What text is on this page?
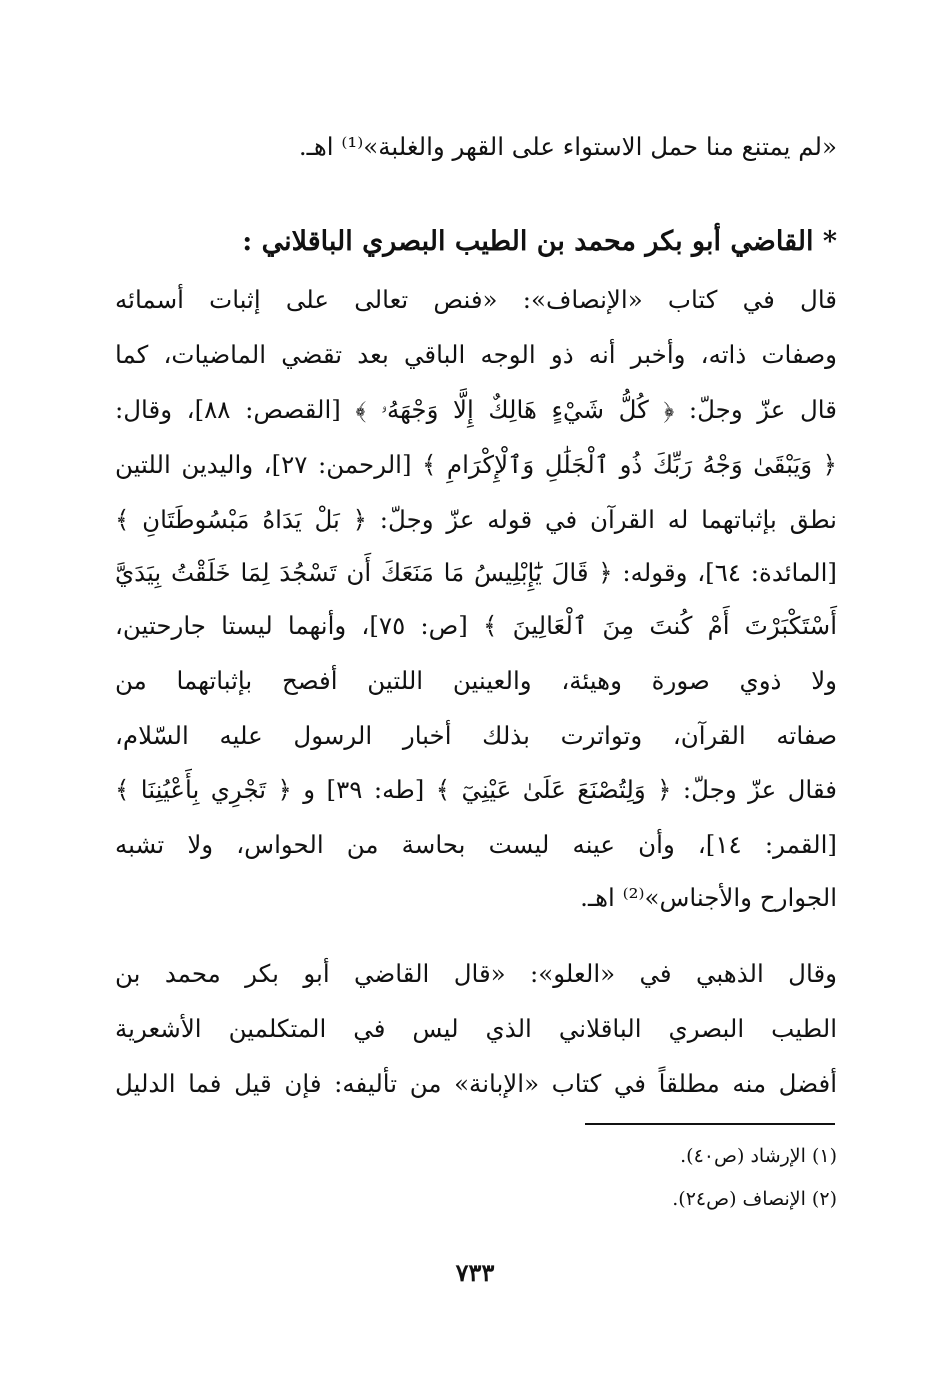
«لم يمتنع منا حمل الاستواء على القهر والغلبة»⁽¹⁾ اهـ.
* القاضي أبو بكر محمد بن الطيب البصري الباقلاني :
قال في كتاب «الإنصاف»: «فنص تعالى على إثبات أسمائه
وصفات ذاته، وأخبر أنه ذو الوجه الباقي بعد تقضي الماضيات، كما
قال عزّ وجلّ: ﴿ كُلُّ شَيْءٍ هَالِكٌ إِلَّا وَجْهَهُۥ ﴾ [القصص: ٨٨]، وقال:
﴿ وَيَبْقَىٰ وَجْهُ رَبِّكَ ذُو ٱلْجَلَٰلِ وَٱلْإِكْرَامِ ﴾ [الرحمن: ٢٧]، واليدين اللتين
نطق بإثباتهما له القرآن في قوله عزّ وجلّ: ﴿ بَلْ يَدَاهُ مَبْسُوطَتَانِ ﴾
[المائدة: ٦٤]، وقوله: ﴿ قَالَ يَٰٓإِبْلِيسُ مَا مَنَعَكَ أَن تَسْجُدَ لِمَا خَلَقْتُ بِيَدَيَّ
أَسْتَكْبَرْتَ أَمْ كُنتَ مِنَ ٱلْعَالِينَ ﴾ [ص: ٧٥]، وأنهما ليستا جارحتين،
ولا ذوي صورة وهيئة، والعينين اللتين أفصح بإثباتهما من
صفاته القرآن، وتواترت بذلك أخبار الرسول عليه السّلام،
فقال عزّ وجلّ: ﴿ وَلِتُصْنَعَ عَلَىٰ عَيْنِيٓ ﴾ [طه: ٣٩] و ﴿ تَجْرِي بِأَعْيُنِنَا ﴾
[القمر: ١٤]، وأن عينه ليست بحاسة من الحواس، ولا تشبه
الجوارح والأجناس»⁽²⁾ اهـ.
وقال الذهبي في «العلو»: «قال القاضي أبو بكر محمد بن
الطيب البصري الباقلاني الذي ليس في المتكلمين الأشعرية
أفضل منه مطلقاً في كتاب «الإبانة» من تأليفه: فإن قيل فما الدليل
(١) الإرشاد (ص٤٠).
(٢) الإنصاف (ص٢٤).
٧٣٣
